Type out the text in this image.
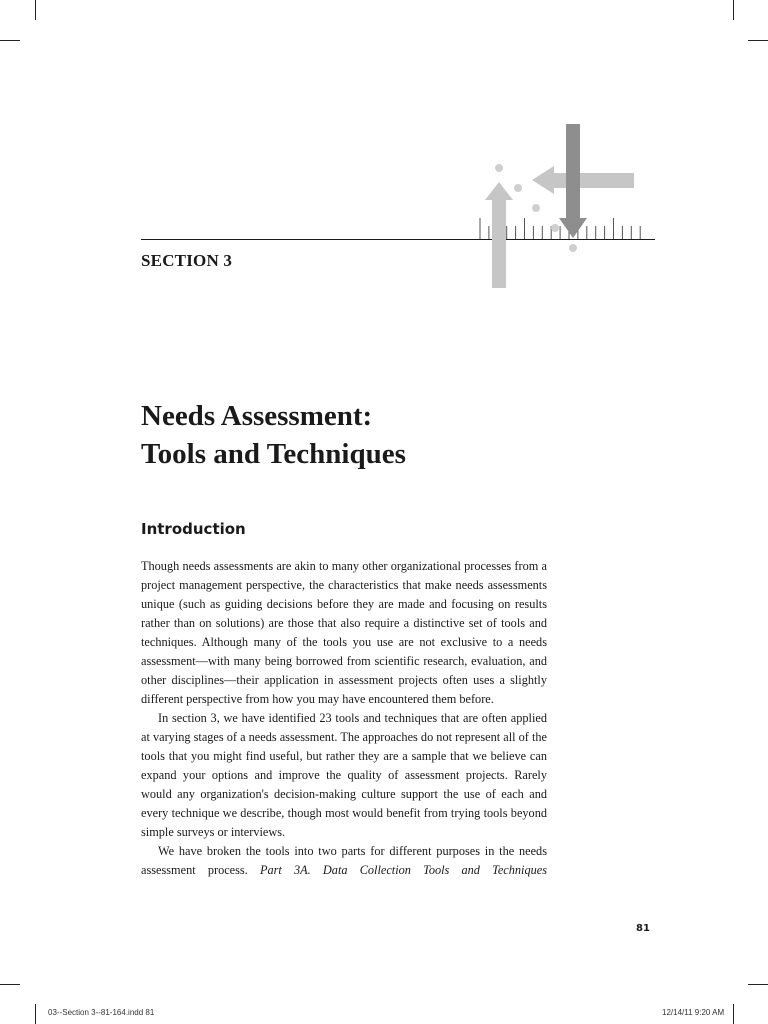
SECTION 3
Needs Assessment:
Tools and Techniques
Introduction

Though needs assessments are akin to many other organizational processes from a project management perspective, the characteristics that make needs assessments unique (such as guiding decisions before they are made and focusing on results rather than on solutions) are those that also require a distinctive set of tools and techniques. Although many of the tools you use are not exclusive to a needs assessment—with many being borrowed from scientific research, evaluation, and other disciplines—their application in assessment projects often uses a slightly different perspective from how you may have encountered them before.

In section 3, we have identified 23 tools and techniques that are often applied at varying stages of a needs assessment. The approaches do not represent all of the tools that you might find useful, but rather they are a sample that we believe can expand your options and improve the quality of assessment projects. Rarely would any organization's decision-making culture support the use of each and every technique we describe, though most would benefit from trying tools beyond simple surveys or interviews.

We have broken the tools into two parts for different purposes in the needs assessment process. Part 3A. Data Collection Tools and Techniques

81
03--Section 3--81-164.indd 81	12/14/11 9:20 AM
